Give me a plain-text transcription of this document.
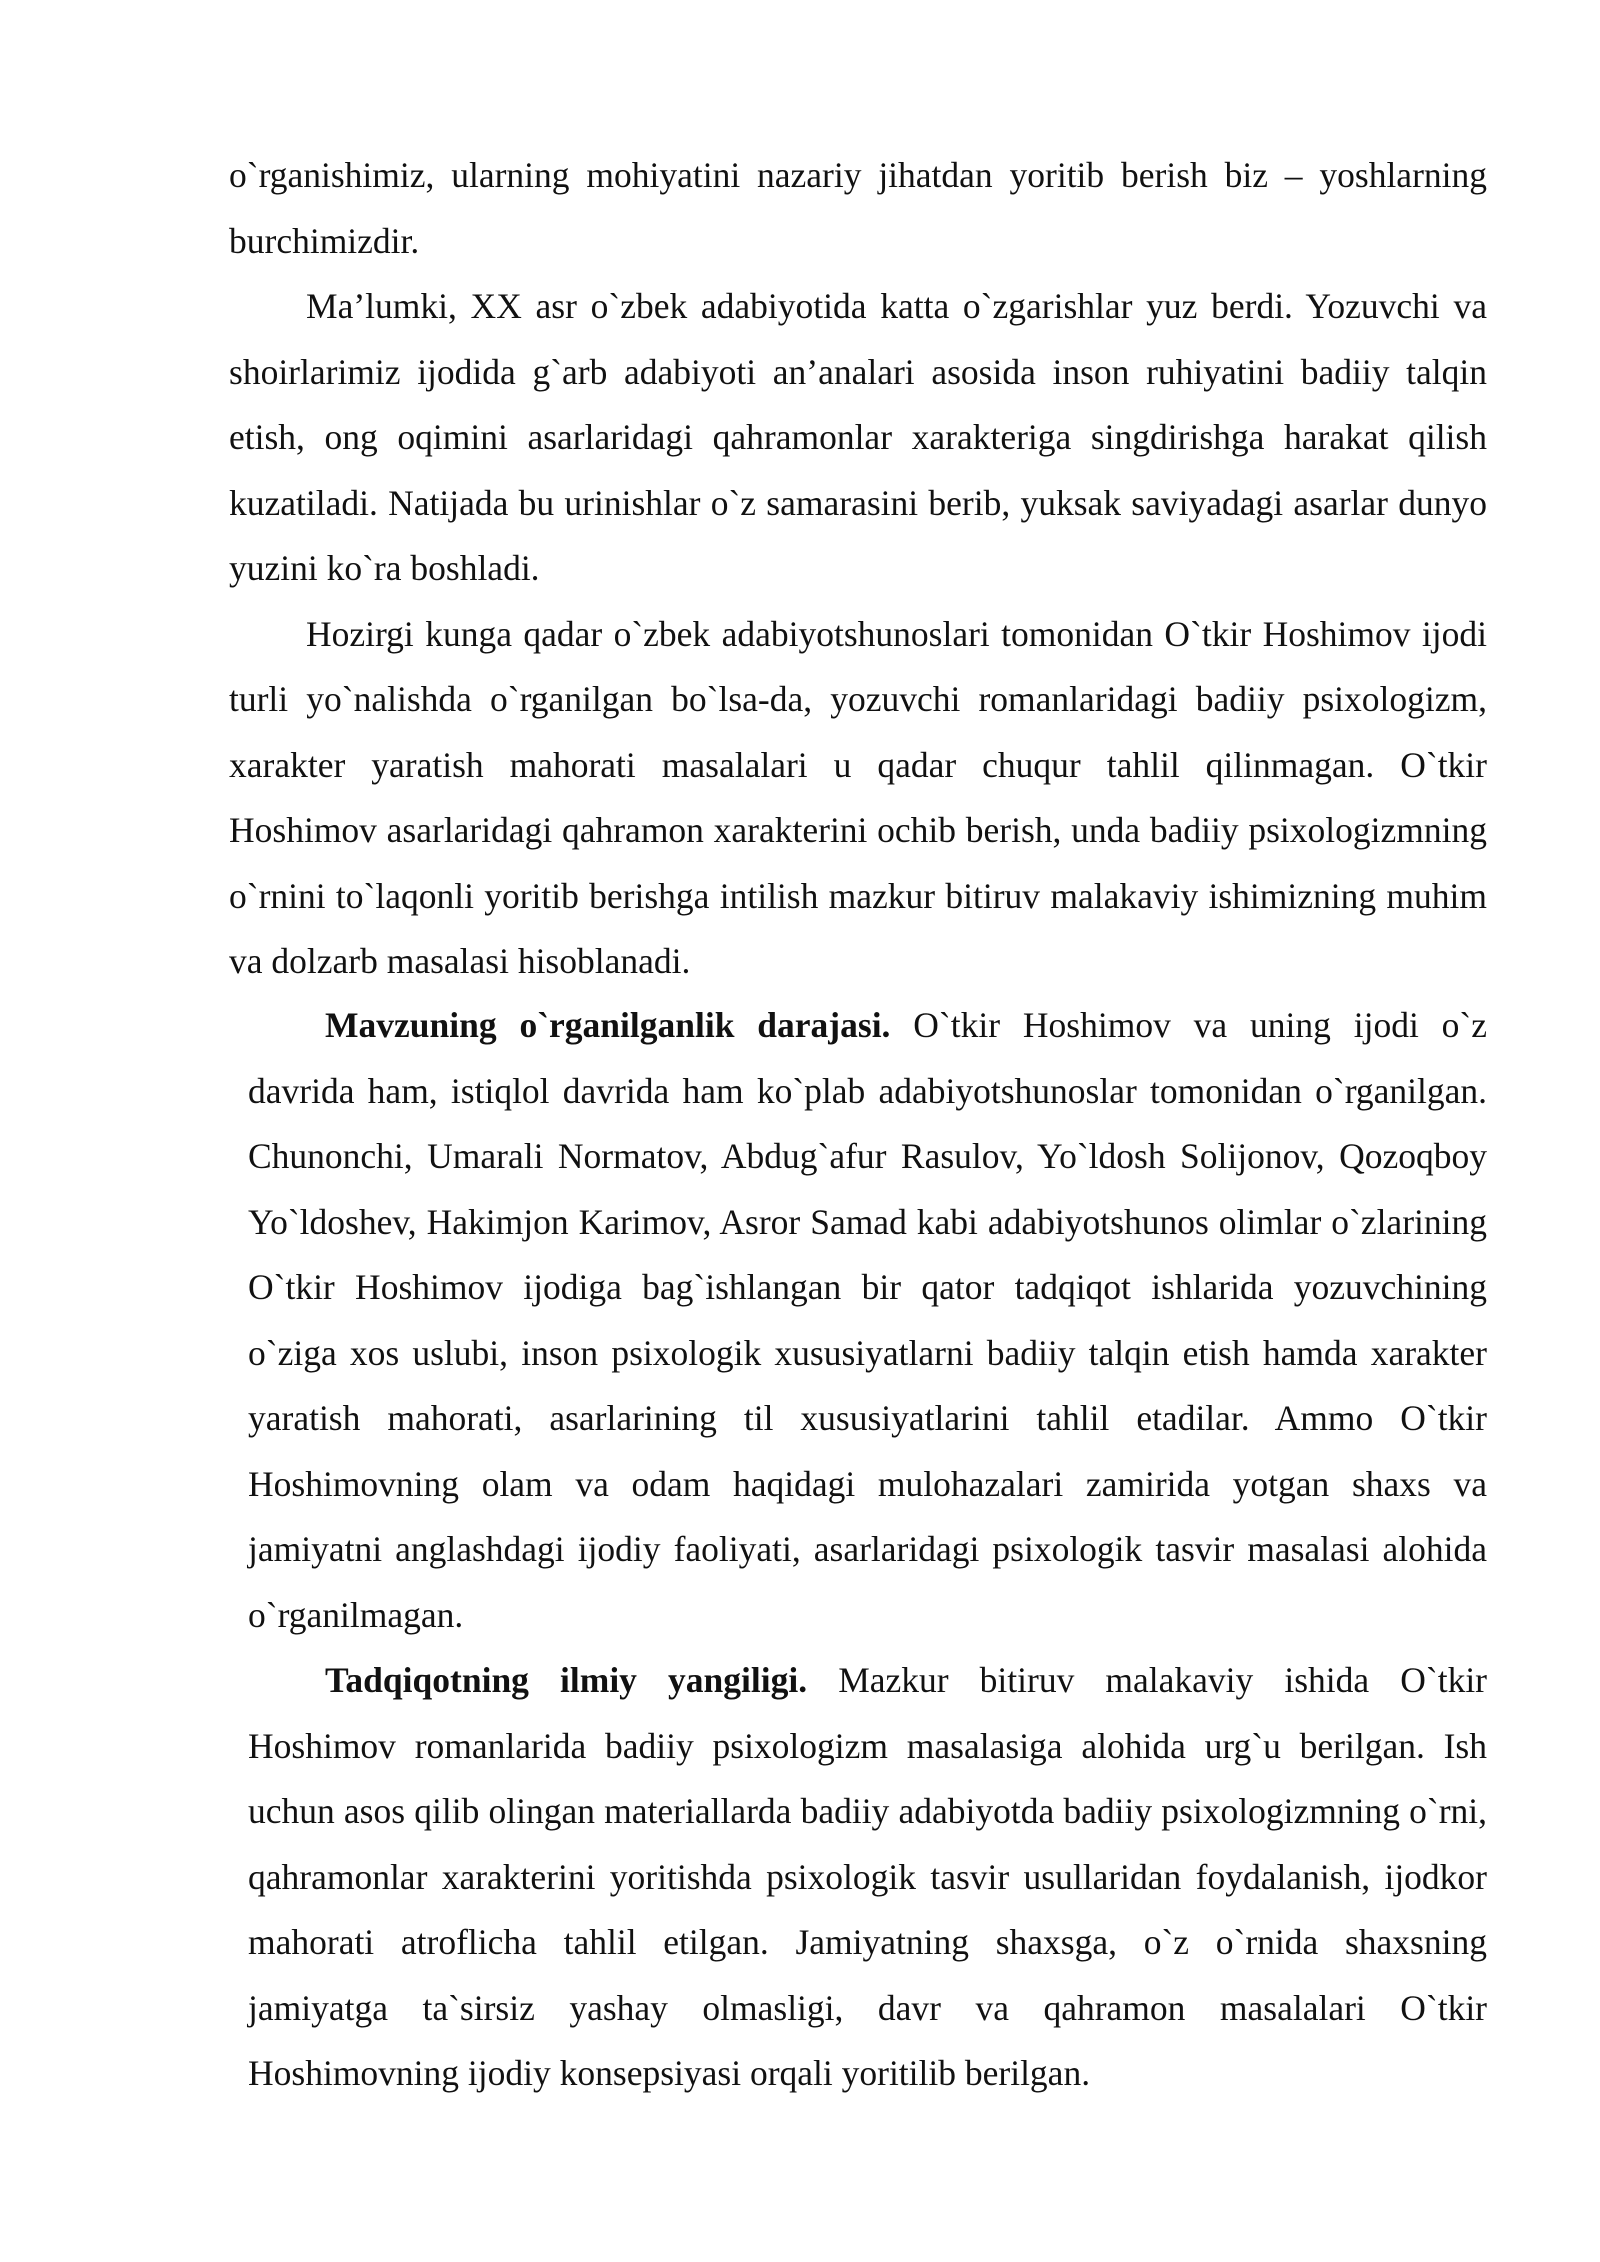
o`rganishimiz, ularning mohiyatini nazariy jihatdan yoritib berish biz – yoshlarning burchimizdir.

Ma’lumki, XX asr o`zbek adabiyotida katta o`zgarishlar yuz berdi. Yozuvchi va shoirlarimiz ijodida g`arb adabiyoti an’analari asosida inson ruhiyatini badiiy talqin etish, ong oqimini asarlaridagi qahramonlar xarakteriga singdirishga harakat qilish kuzatiladi. Natijada bu urinishlar o`z samarasini berib, yuksak saviyadagi asarlar dunyo yuzini ko`ra boshladi.

Hozirgi kunga qadar o`zbek adabiyotshunoslari tomonidan O`tkir Hoshimov ijodi turli yo`nalishda o`rganilgan bo`lsa-da, yozuvchi romanlaridagi badiiy psixologizm, xarakter yaratish mahorati masalalari u qadar chuqur tahlil qilinmagan. O`tkir Hoshimov asarlaridagi qahramon xarakterini ochib berish, unda badiiy psixologizmning o`rnini to`laqonli yoritib berishga intilish mazkur bitiruv malakaviy ishimizning muhim va dolzarb masalasi hisoblanadi.

Mavzuning o`rganilganlik darajasi. O`tkir Hoshimov va uning ijodi o`z davrida ham, istiqlol davrida ham ko`plab adabiyotshunoslar tomonidan o`rganilgan. Chunonchi, Umarali Normatov, Abdug`afur Rasulov, Yo`ldosh Solijonov, Qozoqboy Yo`ldoshev, Hakimjon Karimov, Asror Samad kabi adabiyotshunos olimlar o`zlarining O`tkir Hoshimov ijodiga bag`ishlangan bir qator tadqiqot ishlarida yozuvchining o`ziga xos uslubi, inson psixologik xususiyatlarni badiiy talqin etish hamda xarakter yaratish mahorati, asarlarining til xususiyatlarini tahlil etadilar. Ammo O`tkir Hoshimovning olam va odam haqidagi mulohazalari zamirida yotgan shaxs va jamiyatni anglashdagi ijodiy faoliyati, asarlaridagi psixologik tasvir masalasi alohida o`rganilmagan.

Tadqiqotning ilmiy yangiligi. Mazkur bitiruv malakaviy ishida O`tkir Hoshimov romanlarida badiiy psixologizm masalasiga alohida urg`u berilgan. Ish uchun asos qilib olingan materiallarda badiiy adabiyotda badiiy psixologizmning o`rni, qahramonlar xarakterini yoritishda psixologik tasvir usullaridan foydalanish, ijodkor mahorati atroflicha tahlil etilgan. Jamiyatning shaxsga, o`z o`rnida shaxsning jamiyatga ta`sirsiz yashay olmasligi, davr va qahramon masalalari O`tkir Hoshimovning ijodiy konsepsiyasi orqali yoritilib berilgan.
